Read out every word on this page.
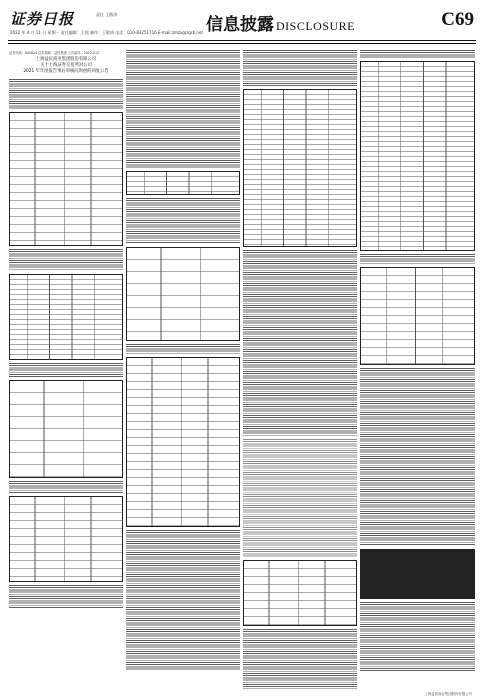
证券日报
2022 年 4 月 11 日 星期一 责任编辑：王熙 制作：王敬涛 电话：010-83251716 E-mail:zmzx@zqrb.net
责任 王敬涛
信息披露 DISCLOSURE	C69
证券代码：600824 证券简称：益民集团 公告编号：2022-012
上海益民商业集团股份有限公司
关于上海证券交易所对公司
2021 年年度报告事后审核问询函的回复公告
上海益民商业集团股份有限公司
